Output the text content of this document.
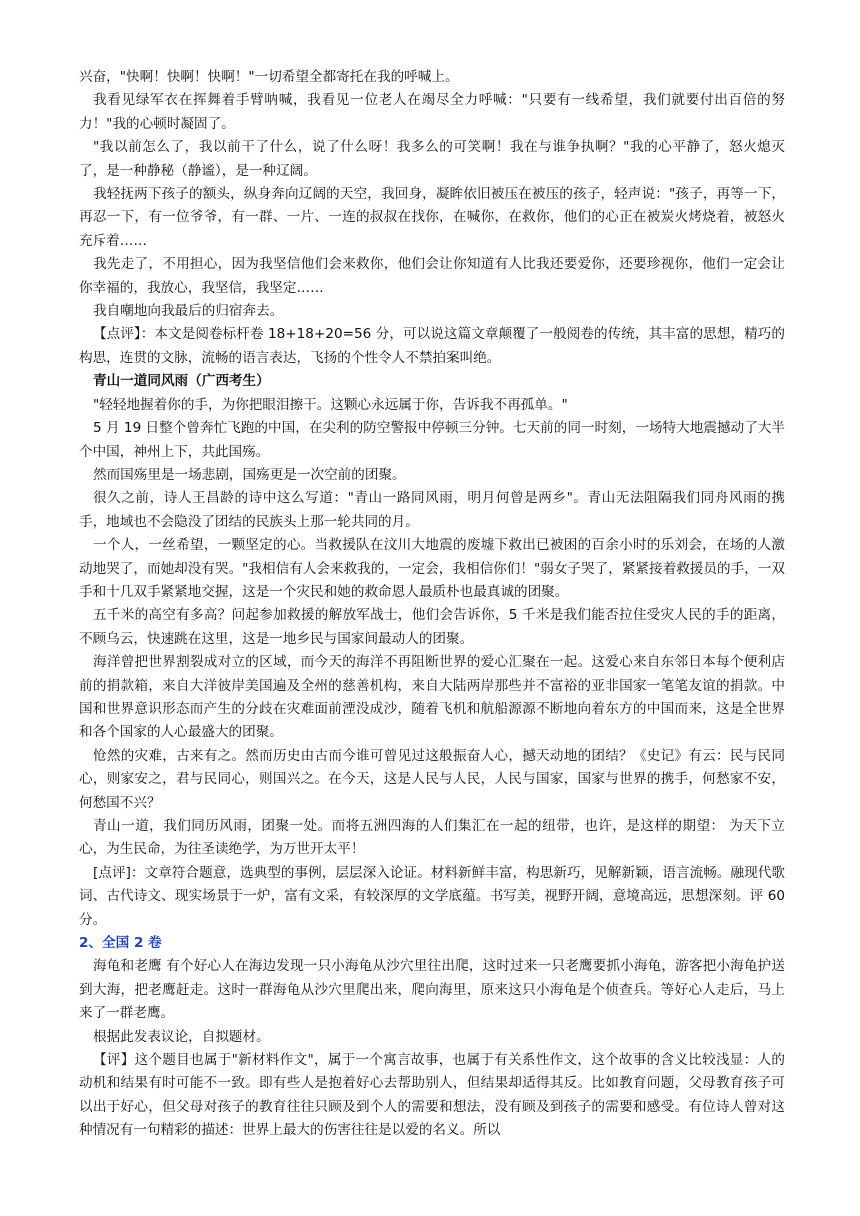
兴奋，"快啊！快啊！快啊！"一切希望全都寄托在我的呼喊上。

我看见绿军衣在挥舞着手臂呐喊，我看见一位老人在竭尽全力呼喊："只要有一线希望，我们就要付出百倍的努力！"我的心顿时凝固了。

"我以前怎么了，我以前干了什么，说了什么呀！我多么的可笑啊！我在与谁争执啊？"我的心平静了，怒火熄灭了，是一种静秘（静谧），是一种辽阔。

我轻抚两下孩子的额头，纵身奔向辽阔的天空，我回身，凝眸依旧被压在被压的孩子，轻声说："孩子，再等一下，再忍一下，有一位爷爷，有一群、一片、一连的叔叔在找你，在喊你，在救你，他们的心正在被炭火烤烧着，被怒火充斥着……

我先走了，不用担心，因为我坚信他们会来救你，他们会让你知道有人比我还要爱你，还要珍视你，他们一定会让你幸福的，我放心，我坚信，我坚定……

我自嘲地向我最后的归宿奔去。

【点评】：本文是阅卷标杆卷 18+18+20=56 分，可以说这篇文章颠覆了一般阅卷的传统，其丰富的思想，精巧的构思，连贯的文脉，流畅的语言表达，飞扬的个性令人不禁拍案叫绝。

青山一道同风雨（广西考生）

"轻轻地握着你的手，为你把眼泪擦干。这颗心永远属于你，告诉我不再孤单。"

5 月 19 日整个曾奔忙飞跑的中国，在尖利的防空警报中停顿三分钟。七天前的同一时刻，一场特大地震撼动了大半个中国，神州上下，共此国殇。

然而国殇里是一场悲剧，国殇更是一次空前的团聚。

很久之前，诗人王昌龄的诗中这么写道："青山一路同风雨，明月何曾是两乡"。青山无法阻隔我们同舟风雨的携手，地域也不会隐没了团结的民族头上那一轮共同的月。

一个人，一丝希望，一颗坚定的心。当救援队在汶川大地震的废墟下救出已被困的百余小时的乐刘会，在场的人激动地哭了，而她却没有哭。"我相信有人会来救我的，一定会，我相信你们！"弱女子哭了，紧紧接着救援员的手，一双手和十几双手紧紧地交握，这是一个灾民和她的救命恩人最质朴也最真诚的团聚。

五千米的高空有多高？问起参加救援的解放军战士，他们会告诉你，5 千米是我们能否拉住受灾人民的手的距离，不顾乌云，快速跳在这里，这是一地乡民与国家间最动人的团聚。

海洋曾把世界割裂成对立的区域，而今天的海洋不再阻断世界的爱心汇聚在一起。这爱心来自东邻日本每个便利店前的捐款箱，来自大洋彼岸美国遍及全州的慈善机构，来自大陆两岸那些并不富裕的亚非国家一笔笔友谊的捐款。中国和世界意识形态而产生的分歧在灾难面前湮没成沙，随着飞机和航船源源不断地向着东方的中国而来，这是全世界和各个国家的人心最盛大的团聚。

怆然的灾难，古来有之。然而历史由古而今谁可曾见过这般振奋人心，撼天动地的团结？《史记》有云：民与民同心，则家安之，君与民同心，则国兴之。在今天，这是人民与人民，人民与国家，国家与世界的携手，何愁家不安，何愁国不兴？

青山一道，我们同历风雨，团聚一处。而将五洲四海的人们集汇在一起的纽带，也许，是这样的期望： 为天下立心，为生民命，为往圣读绝学，为万世开太平！

[点评]：文章符合题意，选典型的事例，层层深入论证。材料新鲜丰富，构思新巧，见解新颖，语言流畅。融现代歌词、古代诗文、现实场景于一炉，富有文采，有较深厚的文学底蕴。书写美，视野开阔，意境高远，思想深刻。评 60 分。

2、全国 2 卷

海龟和老鹰 有个好心人在海边发现一只小海龟从沙穴里往出爬，这时过来一只老鹰要抓小海龟，游客把小海龟护送到大海，把老鹰赶走。这时一群海龟从沙穴里爬出来，爬向海里，原来这只小海龟是个侦查兵。等好心人走后，马上来了一群老鹰。

根据此发表议论，自拟题材。

【评】这个题目也属于"新材料作文"，属于一个寓言故事，也属于有关系性作文，这个故事的含义比较浅显：人的动机和结果有时可能不一致。即有些人是抱着好心去帮助别人，但结果却适得其反。比如教育问题，父母教育孩子可以出于好心，但父母对孩子的教育往往只顾及到个人的需要和想法，没有顾及到孩子的需要和感受。有位诗人曾对这种情况有一句精彩的描述：世界上最大的伤害往往是以爱的名义。所以
